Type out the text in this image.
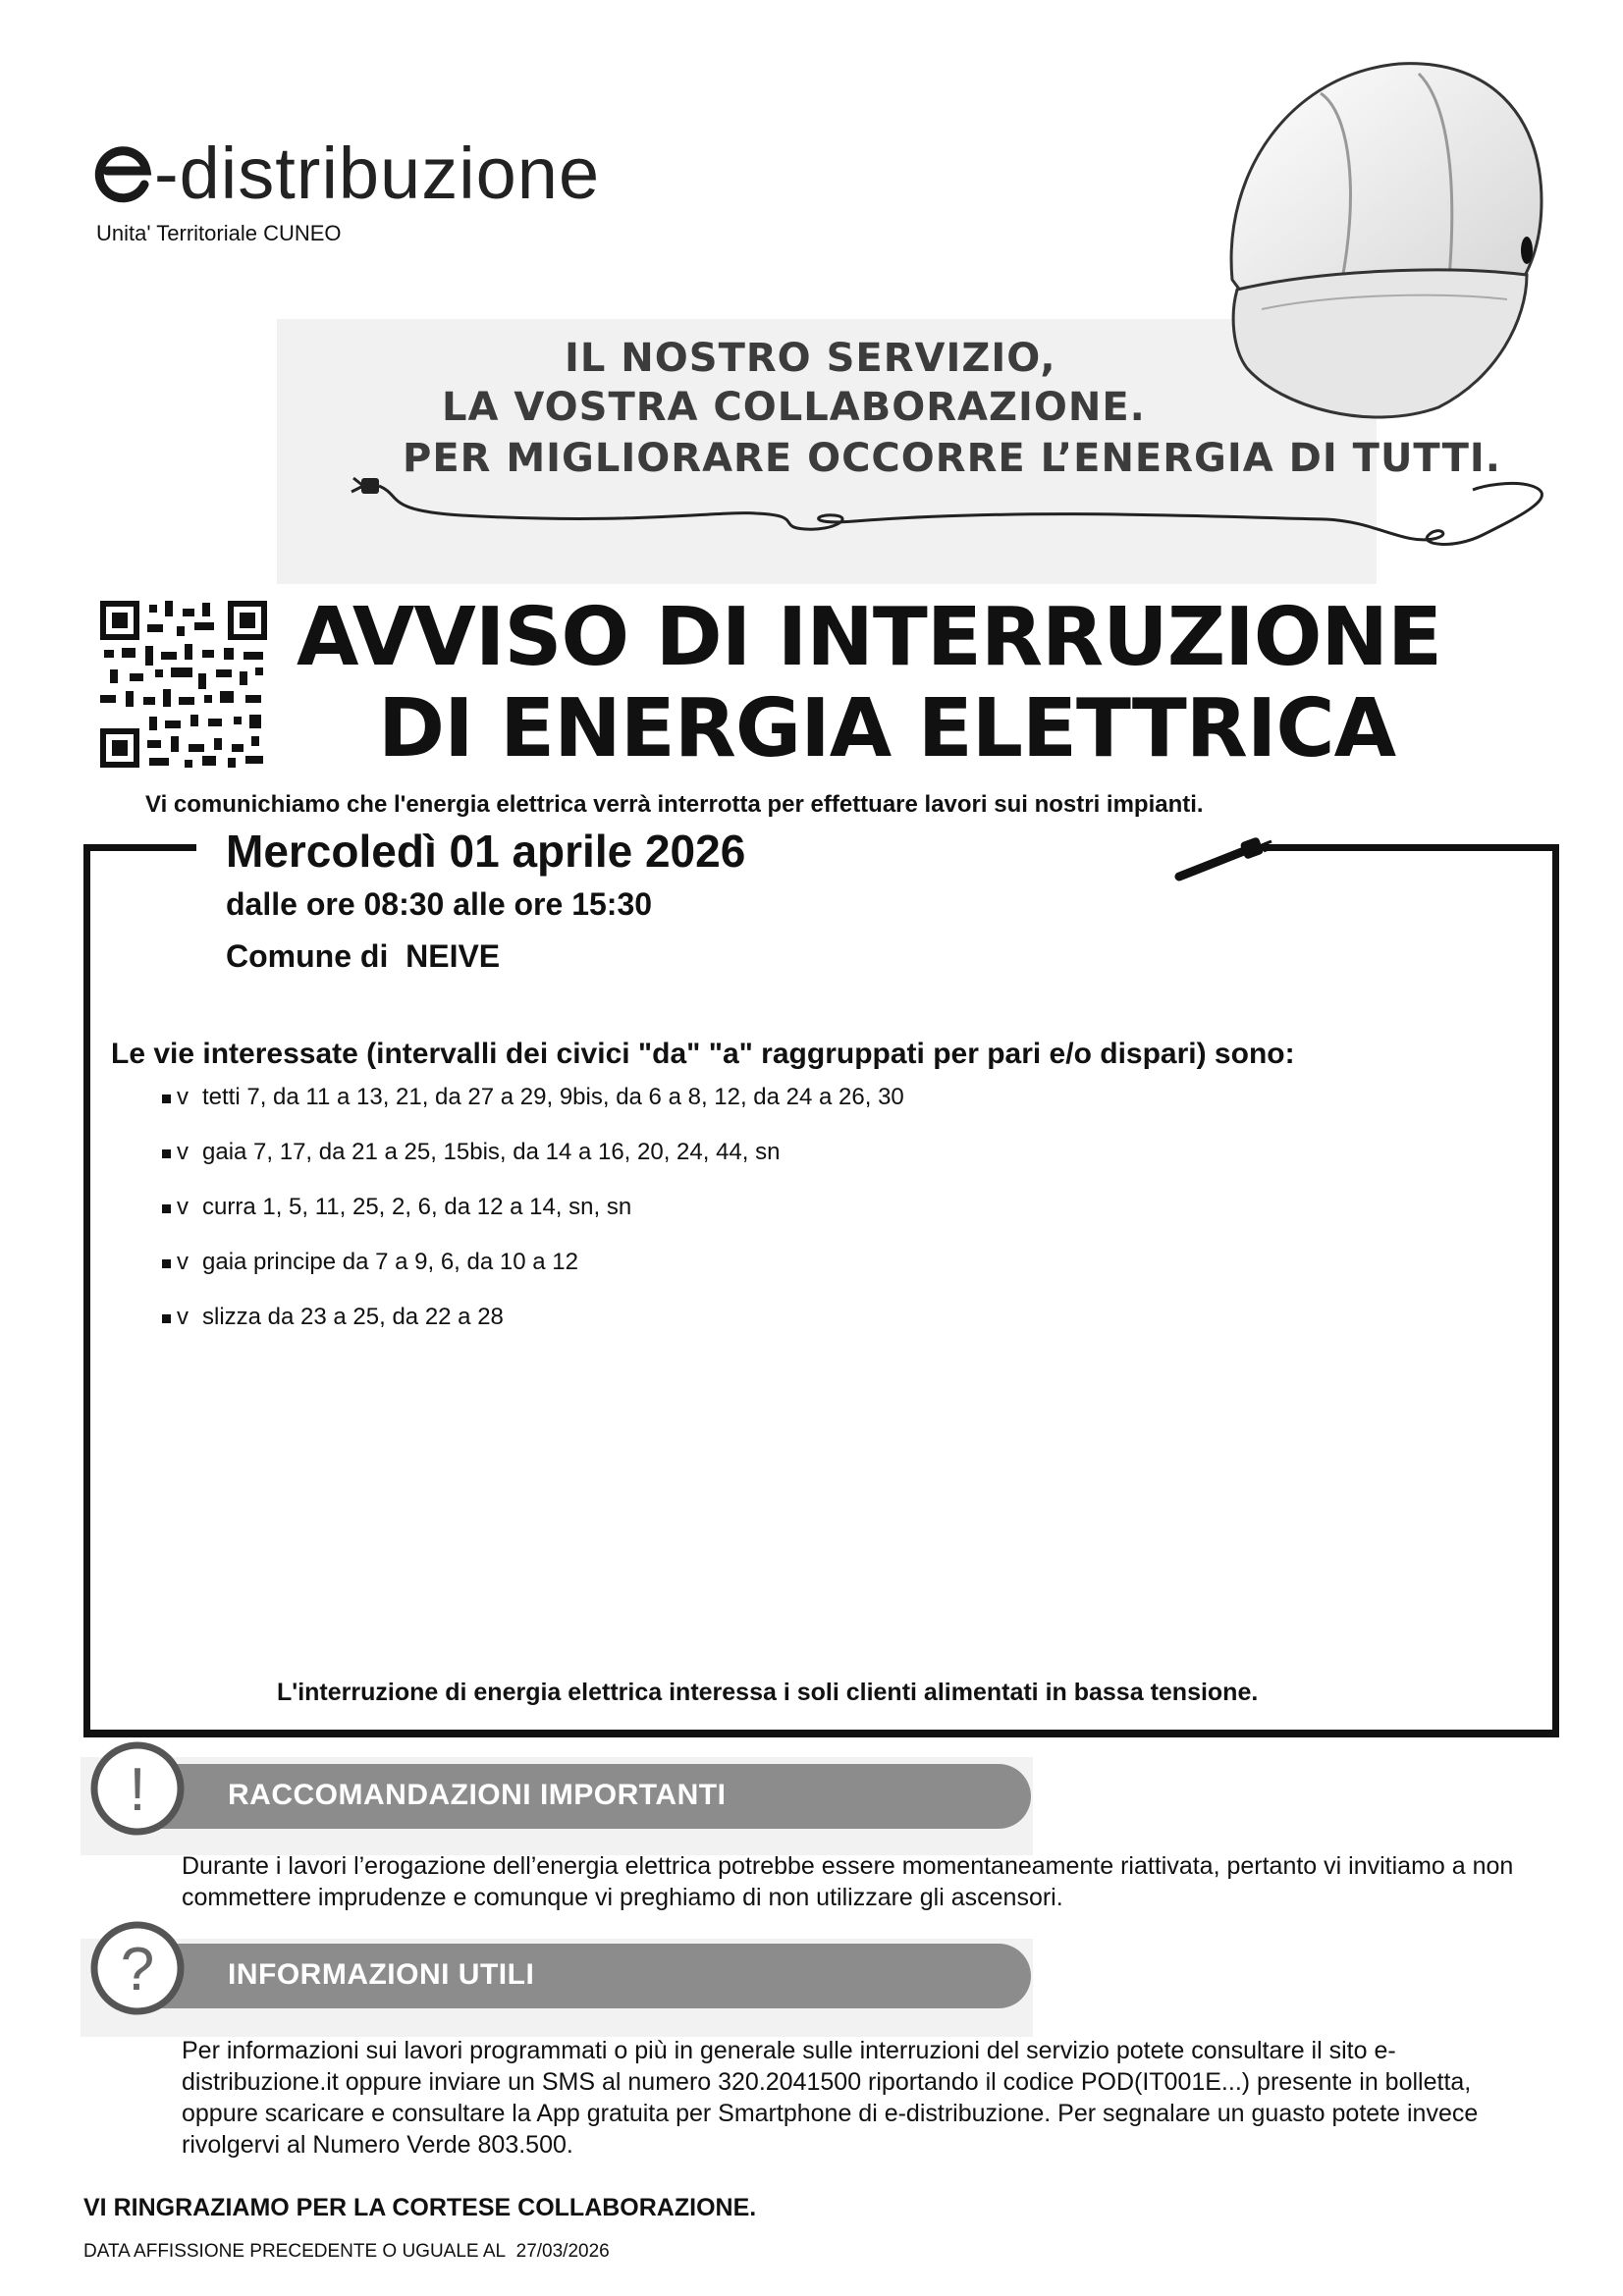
-distribuzione
Unita' Territoriale CUNEO
IL NOSTRO SERVIZIO,
LA VOSTRA COLLABORAZIONE.
PER MIGLIORARE OCCORRE L’ENERGIA DI TUTTI.
AVVISO DI INTERRUZIONE
DI ENERGIA ELETTRICA
Vi comunichiamo che l'energia elettrica verrà interrotta per effettuare lavori sui nostri impianti.
Mercoledì 01 aprile 2026
dalle ore 08:30 alle ore 15:30
Comune di NEIVE
Le vie interessate (intervalli dei civici "da" "a" raggruppati per pari e/o dispari) sono:
v tetti 7, da 11 a 13, 21, da 27 a 29, 9bis, da 6 a 8, 12, da 24 a 26, 30
v gaia 7, 17, da 21 a 25, 15bis, da 14 a 16, 20, 24, 44, sn
v curra 1, 5, 11, 25, 2, 6, da 12 a 14, sn, sn
v gaia principe da 7 a 9, 6, da 10 a 12
v slizza da 23 a 25, da 22 a 28
L'interruzione di energia elettrica interessa i soli clienti alimentati in bassa tensione.
!	RACCOMANDAZIONI IMPORTANTI
Durante i lavori l’erogazione dell’energia elettrica potrebbe essere momentaneamente riattivata, pertanto vi invitiamo a non commettere imprudenze e comunque vi preghiamo di non utilizzare gli ascensori.
? INFORMAZIONI UTILI
Per informazioni sui lavori programmati o più in generale sulle interruzioni del servizio potete consultare il sito e-distribuzione.it oppure inviare un SMS al numero 320.2041500 riportando il codice POD(IT001E...) presente in bolletta, oppure scaricare e consultare la App gratuita per Smartphone di e-distribuzione. Per segnalare un guasto potete invece rivolgervi al Numero Verde 803.500.
VI RINGRAZIAMO PER LA CORTESE COLLABORAZIONE.
DATA AFFISSIONE PRECEDENTE O UGUALE AL 27/03/2026
